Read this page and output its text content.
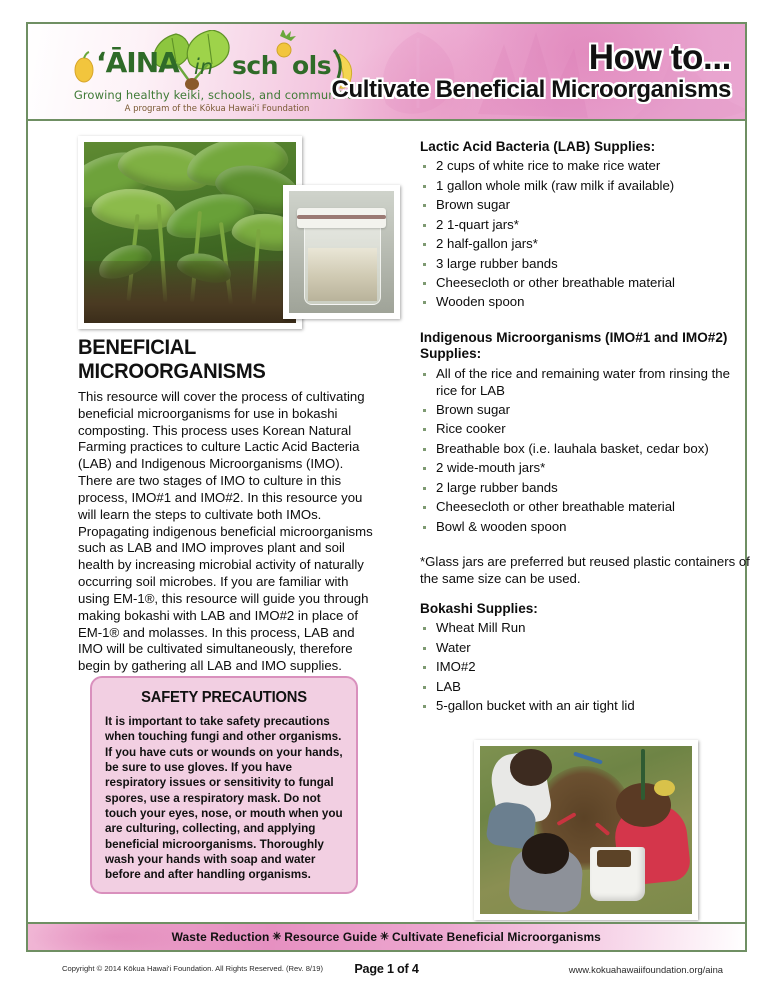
ʻĀINA in sch ols
Growing healthy keiki, schools, and communities
A program of the Kōkua Hawai'i Foundation
How to...
Cultivate Beneficial Microorganisms
BENEFICIAL MICROORGANISMS

This resource will cover the process of cultivating beneficial microorganisms for use in bokashi composting. This process uses Korean Natural Farming practices to culture Lactic Acid Bacteria (LAB) and Indigenous Microorganisms (IMO). There are two stages of IMO to culture in this process, IMO#1 and IMO#2. In this resource you will learn the steps to cultivate both IMOs. Propagating indigenous beneficial microorganisms such as LAB and IMO improves plant and soil health by increasing microbial activity of naturally occurring soil microbes. If you are familiar with using EM-1®, this resource will guide you through making bokashi with LAB and IMO#2 in place of EM-1® and molasses. In this process, LAB and IMO will be cultivated simultaneously, therefore begin by gathering all LAB and IMO supplies.

SAFETY PRECAUTIONS

It is important to take safety precautions when touching fungi and other organisms. If you have cuts or wounds on your hands, be sure to use gloves. If you have respiratory issues or sensitivity to fungal spores, use a respiratory mask. Do not touch your eyes, nose, or mouth when you are culturing, collecting, and applying beneficial microorganisms. Thoroughly wash your hands with soap and water before and after handling organisms.

Lactic Acid Bacteria (LAB) Supplies:
2 cups of white rice to make rice water
1 gallon whole milk (raw milk if available)
Brown sugar
2 1-quart jars*
2 half-gallon jars*
3 large rubber bands
Cheesecloth or other breathable material
Wooden spoon
Indigenous Microorganisms (IMO#1 and IMO#2) Supplies:
All of the rice and remaining water from rinsing the rice for LAB
Brown sugar
Rice cooker
Breathable box (i.e. lauhala basket, cedar box)
2 wide-mouth jars*
2 large rubber bands
Cheesecloth or other breathable material
Bowl & wooden spoon

*Glass jars are preferred but reused plastic containers of the same size can be used.

Bokashi Supplies:
Wheat Mill Run
Water
IMO#2
LAB
5-gallon bucket with an air tight lid
Waste Reduction ✳ Resource Guide ✳ Cultivate Beneficial Microorganisms
Copyright © 2014 Kōkua Hawai'i Foundation. All Rights Reserved. (Rev. 8/19)	Page 1 of 4	www.kokuahawaiifoundation.org/aina
